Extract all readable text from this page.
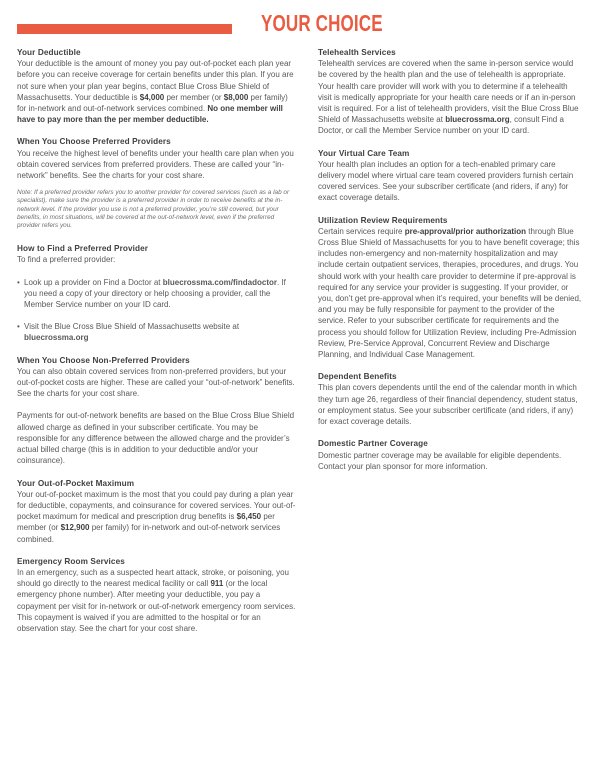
YOUR CHOICE
Your Deductible

Your deductible is the amount of money you pay out-of-pocket each plan year before you can receive coverage for certain benefits under this plan. If you are not sure when your plan year begins, contact Blue Cross Blue Shield of Massachusetts. Your deductible is $4,000 per member (or $8,000 per family) for in-network and out-of-network services combined. No one member will have to pay more than the per member deductible.

When You Choose Preferred Providers

You receive the highest level of benefits under your health care plan when you obtain covered services from preferred providers. These are called your “in-network” benefits. See the charts for your cost share.

Note: If a preferred provider refers you to another provider for covered services (such as a lab or specialist), make sure the provider is a preferred provider in order to receive benefits at the in-network level. If the provider you use is not a preferred provider, you’re still covered, but your benefits, in most situations, will be covered at the out-of-network level, even if the preferred provider refers you.

How to Find a Preferred Provider

To find a preferred provider:

• Look up a provider on Find a Doctor at bluecrossma.com/findadoctor. If you need a copy of your directory or help choosing a provider, call the Member Service number on your ID card.
• Visit the Blue Cross Blue Shield of Massachusetts website at bluecrossma.org
When You Choose Non-Preferred Providers

You can also obtain covered services from non-preferred providers, but your out-of-pocket costs are higher. These are called your “out-of-network” benefits. See the charts for your cost share.

Payments for out-of-network benefits are based on the Blue Cross Blue Shield allowed charge as defined in your subscriber certificate. You may be responsible for any difference between the allowed charge and the provider’s actual billed charge (this is in addition to your deductible and/or your coinsurance).

Your Out-of-Pocket Maximum

Your out-of-pocket maximum is the most that you could pay during a plan year for deductible, copayments, and coinsurance for covered services. Your out-of-pocket maximum for medical and prescription drug benefits is $6,450 per member (or $12,900 per family) for in-network and out-of-network services combined.

Emergency Room Services

In an emergency, such as a suspected heart attack, stroke, or poisoning, you should go directly to the nearest medical facility or call 911 (or the local emergency phone number). After meeting your deductible, you pay a copayment per visit for in-network or out-of-network emergency room services. This copayment is waived if you are admitted to the hospital or for an observation stay. See the chart for your cost share.

Telehealth Services

Telehealth services are covered when the same in-person service would be covered by the health plan and the use of telehealth is appropriate. Your health care provider will work with you to determine if a telehealth visit is medically appropriate for your health care needs or if an in-person visit is required. For a list of telehealth providers, visit the Blue Cross Blue Shield of Massachusetts website at bluecrossma.org, consult Find a Doctor, or call the Member Service number on your ID card.

Your Virtual Care Team

Your health plan includes an option for a tech-enabled primary care delivery model where virtual care team covered providers furnish certain covered services. See your subscriber certificate (and riders, if any) for exact coverage details.

Utilization Review Requirements

Certain services require pre-approval/prior authorization through Blue Cross Blue Shield of Massachusetts for you to have benefit coverage; this includes non-emergency and non-maternity hospitalization and may include certain outpatient services, therapies, procedures, and drugs. You should work with your health care provider to determine if pre-approval is required for any service your provider is suggesting. If your provider, or you, don’t get pre-approval when it’s required, your benefits will be denied, and you may be fully responsible for payment to the provider of the service. Refer to your subscriber certificate for requirements and the process you should follow for Utilization Review, including Pre-Admission Review, Pre-Service Approval, Concurrent Review and Discharge Planning, and Individual Case Management.

Dependent Benefits

This plan covers dependents until the end of the calendar month in which they turn age 26, regardless of their financial dependency, student status, or employment status. See your subscriber certificate (and riders, if any) for exact coverage details.

Domestic Partner Coverage

Domestic partner coverage may be available for eligible dependents. Contact your plan sponsor for more information.
